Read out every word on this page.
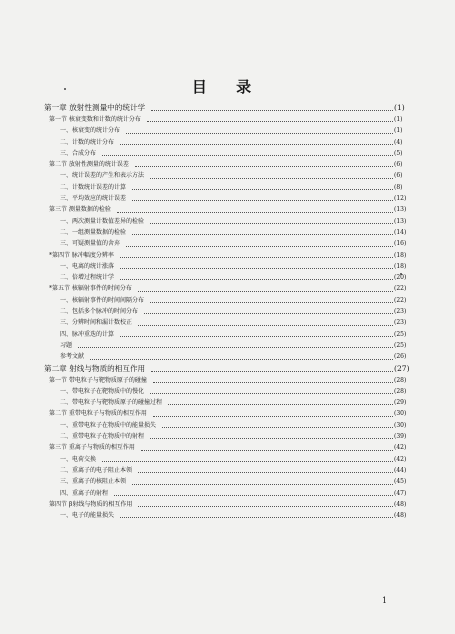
目 录
第一章 放射性测量中的统计学	(1)
第一节 核衰变数和计数的统计分布	(1)
一、核衰变的统计分布	(1)
二、计数的统计分布	(4)
三、合成分布	(5)
第二节 放射性测量的统计误差	(6)
一、统计误差的产生和表示方法	(6)
二、计数统计误差的计算	(8)
三、平均效应的统计误差	(12)
第三节 测量数据的检验	(13)
一、两次测量计数值差异的检验	(13)
二、一组测量数据的检验	(14)
三、可疑测量值的舍弃	(16)
*第四节 脉冲幅度分辨率	(18)
一、电离的统计涨落	(18)
二、倍增过程统计学	(20)
*第五节 核辐射事件的时间分布	(22)
一、核辐射事件的时间间隔分布	(22)
二、包括多个脉冲的时间分布	(23)
三、分辨时间和漏计数校正	(23)
四、脉冲重迭的计算	(25)
习题	(25)
参考文献	(26)
第二章 射线与物质的相互作用	(27)
第一节 带电粒子与靶物质原子的碰撞	(28)
一、带电粒子在靶物质中的慢化	(28)
二、带电粒子与靶物质原子的碰撞过程	(29)
第二节 重带电粒子与物质的相互作用	(30)
一、重带电粒子在物质中的能量损失	(30)
二、重带电粒子在物质中的射程	(39)
第三节 重离子与物质的相互作用	(42)
一、电荷交换	(42)
二、重离子的电子阻止本领	(44)
三、重离子的核阻止本领	(45)
四、重离子的射程	(47)
第四节 β射线与物质的相互作用	(48)
一、电子的能量损失	(48)
1
